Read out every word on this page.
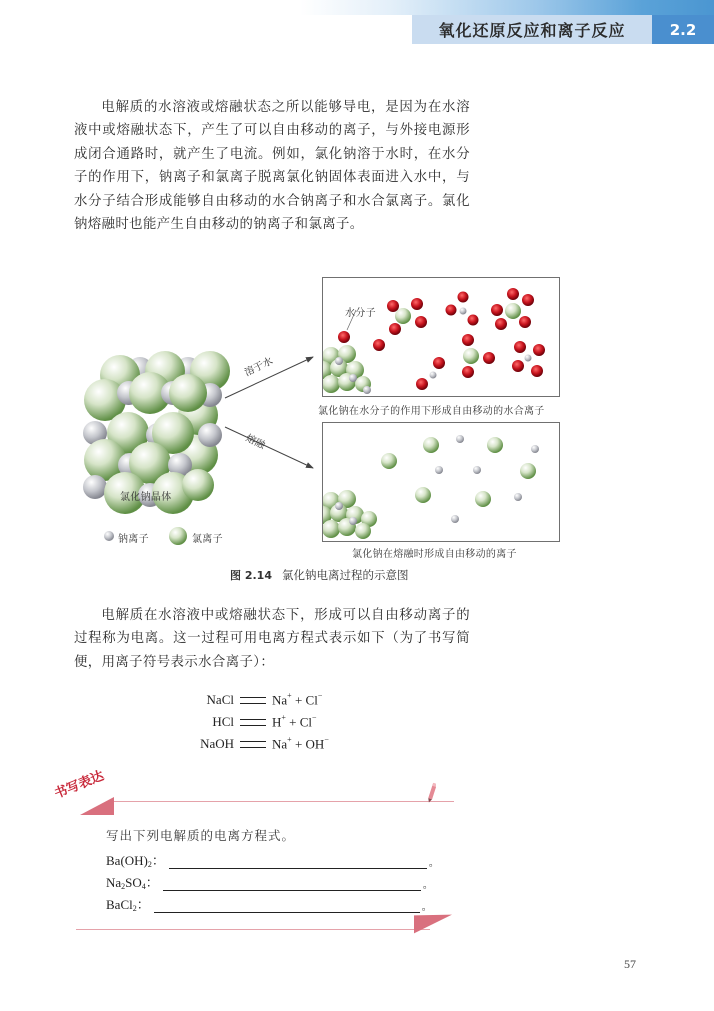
氧化还原反应和离子反应	2.2
电解质的水溶液或熔融状态之所以能够导电，是因为在水溶液中或熔融状态下，产生了可以自由移动的离子，与外接电源形成闭合通路时，就产生了电流。例如，氯化钠溶于水时，在水分子的作用下，钠离子和氯离子脱离氯化钠固体表面进入水中，与水分子结合形成能够自由移动的水合钠离子和水合氯离子。氯化钠熔融时也能产生自由移动的钠离子和氯离子。
溶于水
熔融
氯化钠晶体
钠离子	氯离子
水分子
氯化钠在水分子的作用下形成自由移动的水合离子
氯化钠在熔融时形成自由移动的离子
图 2.14 氯化钠电离过程的示意图
电解质在水溶液中或熔融状态下，形成可以自由移动离子的过程称为电离。这一过程可用电离方程式表示如下（为了书写简便，用离子符号表示水合离子）：
NaCl	Na+ + Cl−
HCl	H+ + Cl−
NaOH	Na+ + OH−
书写表达
写出下列电解质的电离方程式。
$Ba(OH)_2$ ：	。
$Na_2$ $SO_4$ ：	。
BaCl$_2$ ：	。
57
